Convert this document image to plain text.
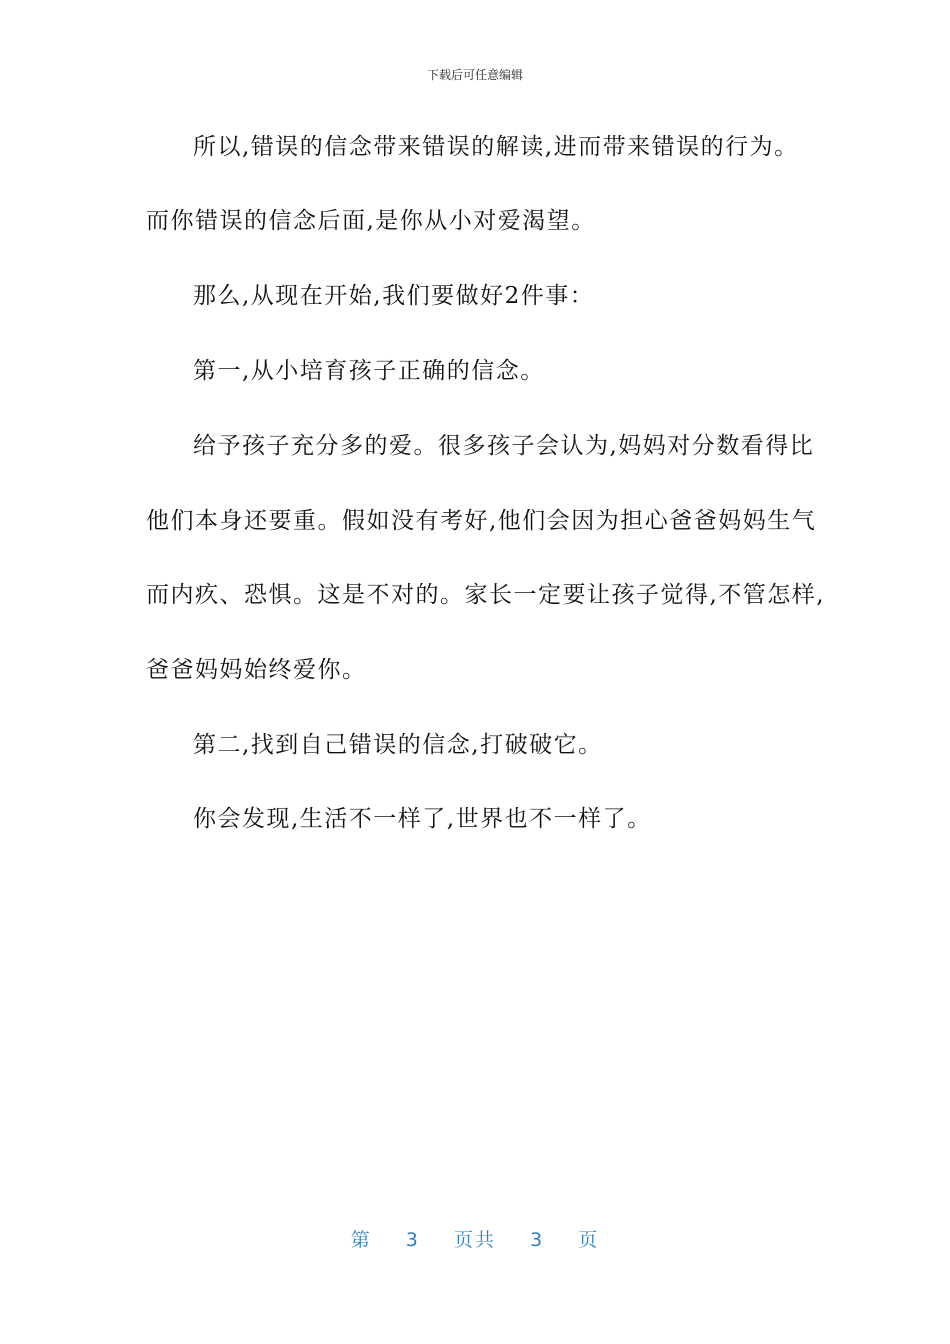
下载后可任意编辑
所以,错误的信念带来错误的解读,进而带来错误的行为。
而你错误的信念后面,是你从小对爱渴望。
那么,从现在开始,我们要做好2件事：
第一,从小培育孩子正确的信念。
给予孩子充分多的爱。很多孩子会认为,妈妈对分数看得比
他们本身还要重。假如没有考好,他们会因为担心爸爸妈妈生气
而内疚、恐惧。这是不对的。家长一定要让孩子觉得,不管怎样,
爸爸妈妈始终爱你。
第二,找到自己错误的信念,打破破它。
你会发现,生活不一样了,世界也不一样了。
第 3 页共 3 页
